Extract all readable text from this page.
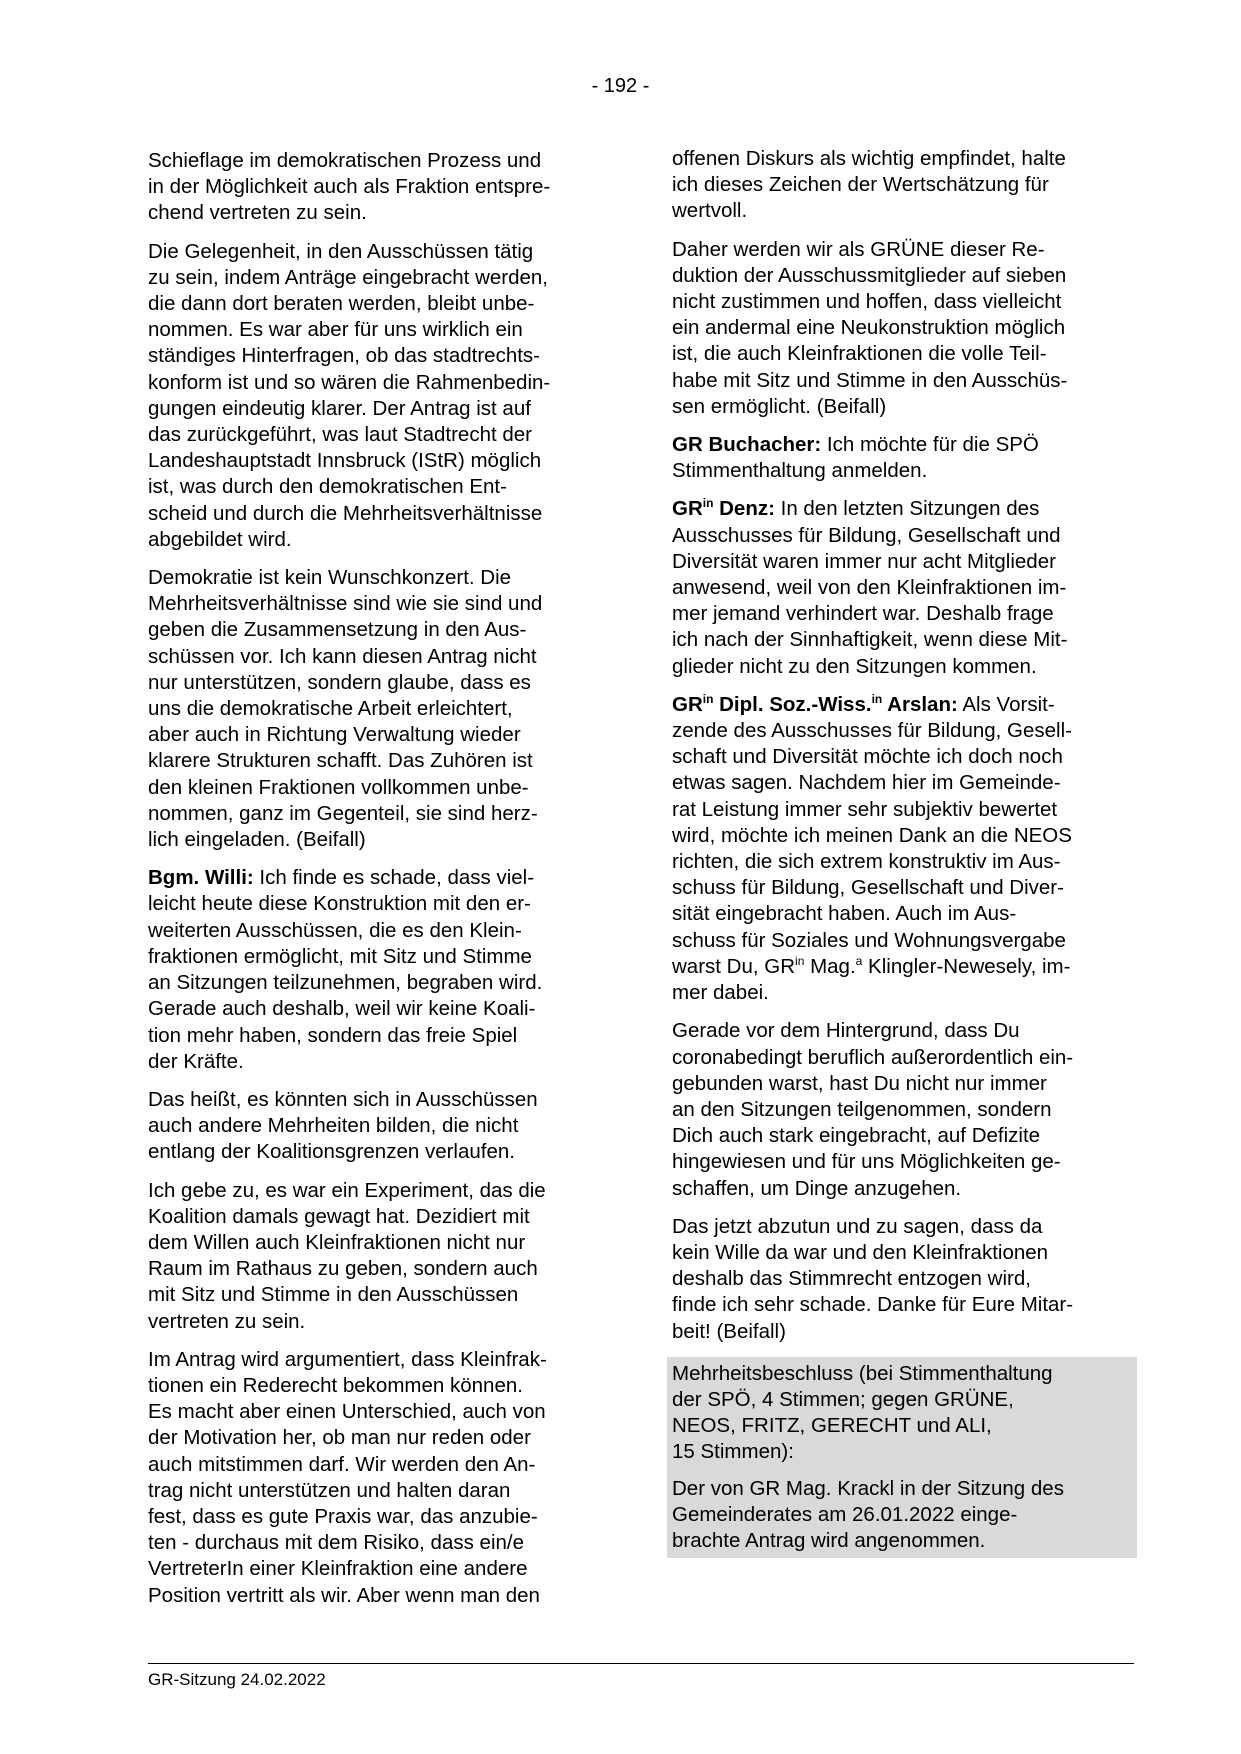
- 192 -

Schieflage im demokratischen Prozess und
in der Möglichkeit auch als Fraktion entspre-
chend vertreten zu sein.

Die Gelegenheit, in den Ausschüssen tätig
zu sein, indem Anträge eingebracht werden,
die dann dort beraten werden, bleibt unbe-
nommen. Es war aber für uns wirklich ein
ständiges Hinterfragen, ob das stadtrechts-
konform ist und so wären die Rahmenbedin-
gungen eindeutig klarer. Der Antrag ist auf
das zurückgeführt, was laut Stadtrecht der
Landeshauptstadt Innsbruck (IStR) möglich
ist, was durch den demokratischen Ent-
scheid und durch die Mehrheitsverhältnisse
abgebildet wird.

Demokratie ist kein Wunschkonzert. Die
Mehrheitsverhältnisse sind wie sie sind und
geben die Zusammensetzung in den Aus-
schüssen vor. Ich kann diesen Antrag nicht
nur unterstützen, sondern glaube, dass es
uns die demokratische Arbeit erleichtert,
aber auch in Richtung Verwaltung wieder
klarere Strukturen schafft. Das Zuhören ist
den kleinen Fraktionen vollkommen unbe-
nommen, ganz im Gegenteil, sie sind herz-
lich eingeladen. (Beifall)

Bgm. Willi: Ich finde es schade, dass viel-
leicht heute diese Konstruktion mit den er-
weiterten Ausschüssen, die es den Klein-
fraktionen ermöglicht, mit Sitz und Stimme
an Sitzungen teilzunehmen, begraben wird.
Gerade auch deshalb, weil wir keine Koali-
tion mehr haben, sondern das freie Spiel
der Kräfte.

Das heißt, es könnten sich in Ausschüssen
auch andere Mehrheiten bilden, die nicht
entlang der Koalitionsgrenzen verlaufen.

Ich gebe zu, es war ein Experiment, das die
Koalition damals gewagt hat. Dezidiert mit
dem Willen auch Kleinfraktionen nicht nur
Raum im Rathaus zu geben, sondern auch
mit Sitz und Stimme in den Ausschüssen
vertreten zu sein.

Im Antrag wird argumentiert, dass Kleinfrak-
tionen ein Rederecht bekommen können.
Es macht aber einen Unterschied, auch von
der Motivation her, ob man nur reden oder
auch mitstimmen darf. Wir werden den An-
trag nicht unterstützen und halten daran
fest, dass es gute Praxis war, das anzubie-
ten - durchaus mit dem Risiko, dass ein/e
VertreterIn einer Kleinfraktion eine andere
Position vertritt als wir. Aber wenn man den

offenen Diskurs als wichtig empfindet, halte
ich dieses Zeichen der Wertschätzung für
wertvoll.

Daher werden wir als GRÜNE dieser Re-
duktion der Ausschussmitglieder auf sieben
nicht zustimmen und hoffen, dass vielleicht
ein andermal eine Neukonstruktion möglich
ist, die auch Kleinfraktionen die volle Teil-
habe mit Sitz und Stimme in den Ausschüs-
sen ermöglicht. (Beifall)

GR Buchacher: Ich möchte für die SPÖ
Stimmenthaltung anmelden.

$GR^{in}$ Denz: In den letzten Sitzungen des
Ausschusses für Bildung, Gesellschaft und
Diversität waren immer nur acht Mitglieder
anwesend, weil von den Kleinfraktionen im-
mer jemand verhindert war. Deshalb frage
ich nach der Sinnhaftigkeit, wenn diese Mit-
glieder nicht zu den Sitzungen kommen.

$GR^{in}$ Dipl. Soz.-Wiss.$^{in}$ Arslan: Als Vorsit-
zende des Ausschusses für Bildung, Gesell-
schaft und Diversität möchte ich doch noch
etwas sagen. Nachdem hier im Gemeinde-
rat Leistung immer sehr subjektiv bewertet
wird, möchte ich meinen Dank an die NEOS
richten, die sich extrem konstruktiv im Aus-
schuss für Bildung, Gesellschaft und Diver-
sität eingebracht haben. Auch im Aus-
schuss für Soziales und Wohnungsvergabe
warst Du, $GR^{in}$ Mag.$^a$ Klingler-Newesely, im-
mer dabei.

Gerade vor dem Hintergrund, dass Du
coronabedingt beruflich außerordentlich ein-
gebunden warst, hast Du nicht nur immer
an den Sitzungen teilgenommen, sondern
Dich auch stark eingebracht, auf Defizite
hingewiesen und für uns Möglichkeiten ge-
schaffen, um Dinge anzugehen.

Das jetzt abzutun und zu sagen, dass da
kein Wille da war und den Kleinfraktionen
deshalb das Stimmrecht entzogen wird,
finde ich sehr schade. Danke für Eure Mitar-
beit! (Beifall)

Mehrheitsbeschluss (bei Stimmenthaltung
der SPÖ, 4 Stimmen; gegen GRÜNE,
NEOS, FRITZ, GERECHT und ALI,
15 Stimmen):

Der von GR Mag. Krackl in der Sitzung des
Gemeinderates am 26.01.2022 einge-
brachte Antrag wird angenommen.

GR-Sitzung 24.02.2022
